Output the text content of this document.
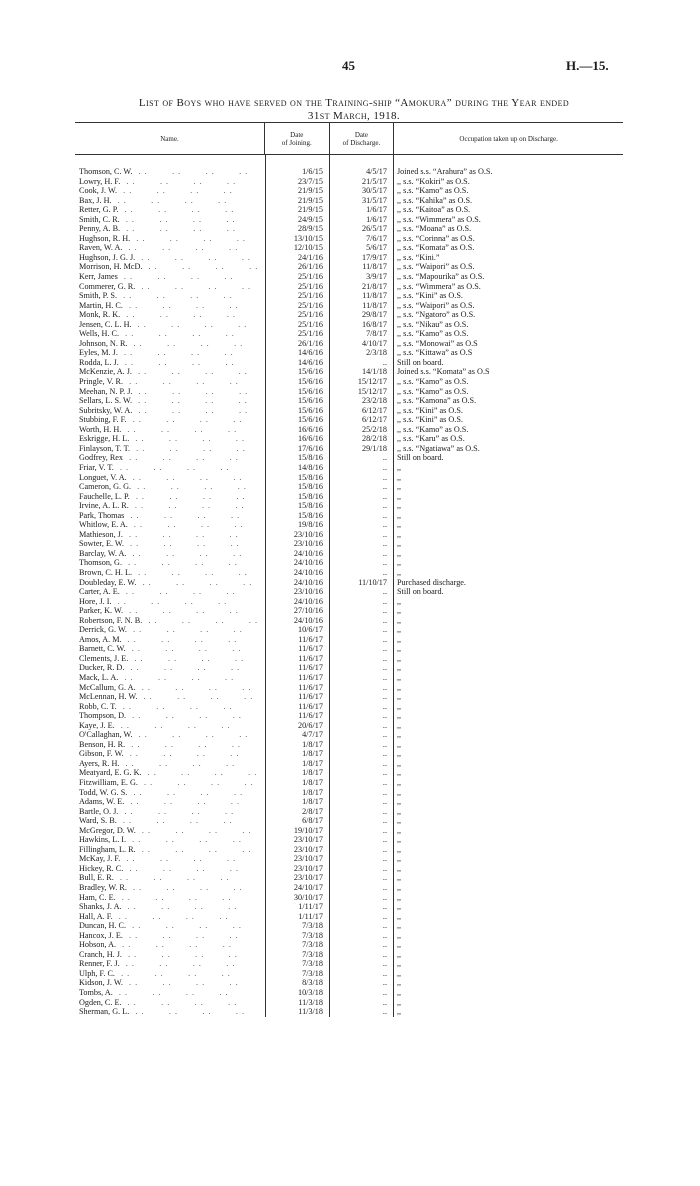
45	H.—15.
List of Boys who have served on the Training-ship “Amokura” during the Year ended
31st March, 1918.
Name.	Date
of Joining.
Date
of Discharge.	Occupation taken up on Discharge.
Thomson, C. W. . .        . .        . .        . .	1/6/15	4/5/17	Joined s.s. “Arahura” as O.S.
Lowry, H. F. . .        . .        . .        . .	23/7/15	21/5/17	,, s.s. “Kokiri” as O.S.
Cook, J. W. . .        . .        . .        . .	21/9/15	30/5/17	,, s.s. “Kamo” as O.S.
Bax, J. H. . .        . .        . .        . .	21/9/15	31/5/17	,, s.s. “Kahika” as O.S.
Retter, G. P. . .        . .        . .        . .	21/9/15	1/6/17	,, s.s. “Kaitoa” as O.S.
Smith, C. R. . .        . .        . .        . .	24/9/15	1/6/17	,, s.s. “Wimmera” as O.S.
Penny, A. B. . .        . .        . .        . .	28/9/15	26/5/17	,, s.s. “Moana” as O.S.
Hughson, R. H. . .        . .        . .        . .	13/10/15	7/6/17	,, s.s. “Corinna” as O.S.
Raven, W. A. . .        . .        . .        . .	12/10/15	5/6/17	,, s.s. “Komata” as O.S.
Hughson, J. G. J. . .        . .        . .        . .	24/1/16	17/9/17	,, s.s. “Kini.”
Morrison, H. McD. . .        . .        . .        . .	26/1/16	11/8/17	,, s.s. “Waipori” as O.S.
Kerr, James . .        . .        . .        . .	25/1/16	3/9/17	,, s.s. “Mapourika” as O.S.
Commerer, G. R. . .        . .        . .        . .	25/1/16	21/8/17	,, s.s. “Wimmera” as O.S.
Smith, P. S. . .        . .        . .        . .	25/1/16	11/8/17	,, s.s. “Kini” as O.S.
Martin, H. C. . .        . .        . .        . .	25/1/16	11/8/17	,, s.s. “Waipori” as O.S.
Monk, R. K. . .        . .        . .        . .	25/1/16	29/8/17	,, s.s. “Ngatoro” as O.S.
Jensen, C. L. H. . .        . .        . .        . .	25/1/16	16/8/17	,, s.s. “Nikau” as O.S.
Wells, H. C. . .        . .        . .        . .	25/1/16	7/8/17	,, s.s. “Kamo” as O.S.
Johnson, N. R. . .        . .        . .        . .	26/1/16	4/10/17	,, s.s. “Monowai” as O.S
Eyles, M. J. . .        . .        . .        . .	14/6/16	2/3/18	,, s.s. “Kittawa” as O.S
Rodda, L. J. . .        . .        . .        . .	14/6/16	..	Still on board.
McKenzie, A. J. . .        . .        . .        . .	15/6/16	14/1/18	Joined s.s. “Komata” as O.S
Pringle, V. R. . .        . .        . .        . .	15/6/16	15/12/17	,, s.s. “Kamo” as O.S.
Meehan, N. P. J. . .        . .        . .        . .	15/6/16	15/12/17	,, s.s. “Kamo” as O.S.
Sellars, L. S. W. . .        . .        . .        . .	15/6/16	23/2/18	,, s.s. “Kamona” as O.S.
Subritsky, W. A. . .        . .        . .        . .	15/6/16	6/12/17	,, s.s. “Kini” as O.S.
Stubbing, F. F. . .        . .        . .        . .	15/6/16	6/12/17	,, s.s. “Kini” as O.S.
Worth, H. H. . .        . .        . .        . .	16/6/16	25/2/18	,, s.s. “Kamo” as O.S.
Eskrigge, H. L. . .        . .        . .        . .	16/6/16	28/2/18	,, s.s. “Karu” as O.S.
Finlayson, T. T. . .        . .        . .        . .	17/6/16	29/1/18	,, s.s. “Ngatiawa” as O.S.
Godfrey, Rex . .        . .        . .        . .	15/8/16	..	Still on board.
Friar, V. T. . .        . .        . .        . .	14/8/16	..	,,
Longuet, V. A. . .        . .        . .        . .	15/8/16	..	,,
Cameron, G. G. . .        . .        . .        . .	15/8/16	..	,,
Fauchelle, L. P. . .        . .        . .        . .	15/8/16	..	,,
Irvine, A. L. R. . .        . .        . .        . .	15/8/16	..	,,
Park, Thomas . .        . .        . .        . .	15/8/16	..	,,
Whitlow, E. A. . .        . .        . .        . .	19/8/16	..	,,
Mathieson, J. . .        . .        . .        . .	23/10/16	..	,,
Sowter, E. W. . .        . .        . .        . .	23/10/16	..	,,
Barclay, W. A. . .        . .        . .        . .	24/10/16	..	,,
Thomson, G. . .        . .        . .        . .	24/10/16	..	,,
Brown, C. H. L. . .        . .        . .        . .	24/10/16	..	,,
Doubleday, E. W. . .        . .        . .        . .	24/10/16	11/10/17	Purchased discharge.
Carter, A. E. . .        . .        . .        . .	23/10/16	..	Still on board.
Hore, J. I. . .        . .        . .        . .	24/10/16	..	,,
Parker, K. W. . .        . .        . .        . .	27/10/16	..	,,
Robertson, F. N. B. . .        . .        . .        . .	24/10/16	..	,,
Derrick, G. W. . .        . .        . .        . .	10/6/17	..	,,
Amos, A. M. . .        . .        . .        . .	11/6/17	..	,,
Barnett, C. W. . .        . .        . .        . .	11/6/17	..	,,
Clements, J. E. . .        . .        . .        . .	11/6/17	..	,,
Ducker, R. D. . .        . .        . .        . .	11/6/17	..	,,
Mack, L. A. . .        . .        . .        . .	11/6/17	..	,,
McCallum, G. A. . .        . .        . .        . .	11/6/17	..	,,
McLennan, H. W. . .        . .        . .        . .	11/6/17	..	,,
Robb, C. T. . .        . .        . .        . .	11/6/17	..	,,
Thompson, D. . .        . .        . .        . .	11/6/17	..	,,
Kaye, J. E. . .        . .        . .        . .	20/6/17	..	,,
O'Callaghan, W. . .        . .        . .        . .	4/7/17	..	,,
Benson, H. R. . .        . .        . .        . .	1/8/17	..	,,
Gibson, F. W. . .        . .        . .        . .	1/8/17	..	,,
Ayers, R. H. . .        . .        . .        . .	1/8/17	..	,,
Meatyard, E. G. K. . .        . .        . .        . .	1/8/17	..	,,
Fitzwilliam, E. G. . .        . .        . .        . .	1/8/17	..	,,
Todd, W. G. S. . .        . .        . .        . .	1/8/17	..	,,
Adams, W. E. . .        . .        . .        . .	1/8/17	..	,,
Bartle, O. J. . .        . .        . .        . .	2/8/17	..	,,
Ward, S. B. . .        . .        . .        . .	6/8/17	..	,,
McGregor, D. W. . .        . .        . .        . .	19/10/17	..	,,
Hawkins, L. I. . .        . .        . .        . .	23/10/17	..	,,
Fillingham, L. R. . .        . .        . .        . .	23/10/17	..	,,
McKay, J. F. . .        . .        . .        . .	23/10/17	..	,,
Hickey, R. C. . .        . .        . .        . .	23/10/17	..	,,
Bull, E. R. . .        . .        . .        . .	23/10/17	..	,,
Bradley, W. R. . .        . .        . .        . .	24/10/17	..	,,
Ham, C. E. . .        . .        . .        . .	30/10/17	..	,,
Shanks, J. A. . .        . .        . .        . .	1/11/17	..	,,
Hall, A. F. . .        . .        . .        . .	1/11/17	..	,,
Duncan, H. C. . .        . .        . .        . .	7/3/18	..	,,
Hancox, J. E. . .        . .        . .        . .	7/3/18	..	,,
Hobson, A. . .        . .        . .        . .	7/3/18	..	,,
Cranch, H. J. . .        . .        . .        . .	7/3/18	..	,,
Renner, F. J. . .        . .        . .        . .	7/3/18	..	,,
Ulph, F. C. . .        . .        . .        . .	7/3/18	..	,,
Kidson, J. W. . .        . .        . .        . .	8/3/18	..	,,
Tombs, A. . .        . .        . .        . .	10/3/18	..	,,
Ogden, C. E. . .        . .        . .        . .	11/3/18	..	,,
Sherman, G. L. . .        . .        . .        . .	11/3/18	..	,,
